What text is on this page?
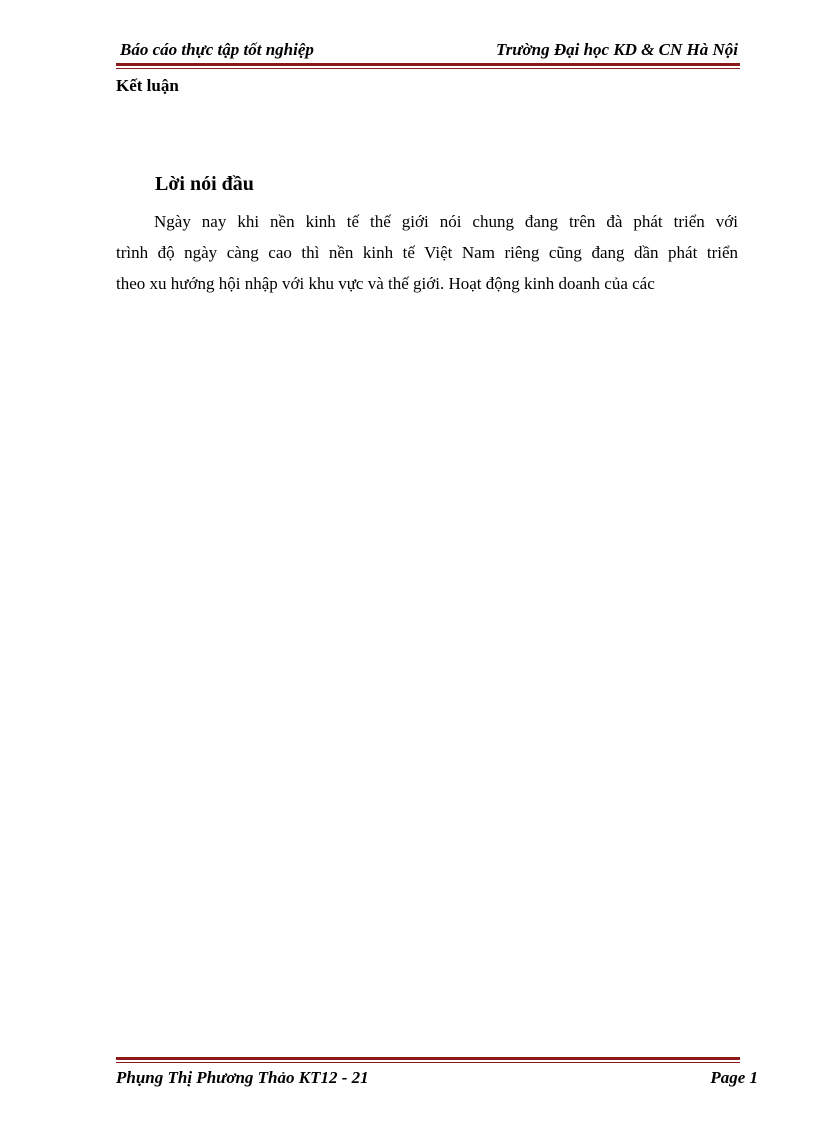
Báo cáo thực tập tốt nghiệp	Trường Đại học KD & CN Hà Nội
Kết luận
Lời nói đầu
Ngày nay khi nền kinh tế thế giới nói chung đang trên đà phát triển với
trình độ ngày càng cao thì nền kinh tế Việt Nam riêng cũng đang dần phát triển
theo xu hướng hội nhập với khu vực và thế giới. Hoạt động kinh doanh của các
Phụng Thị Phương Thảo KT12 - 21	Page 1
